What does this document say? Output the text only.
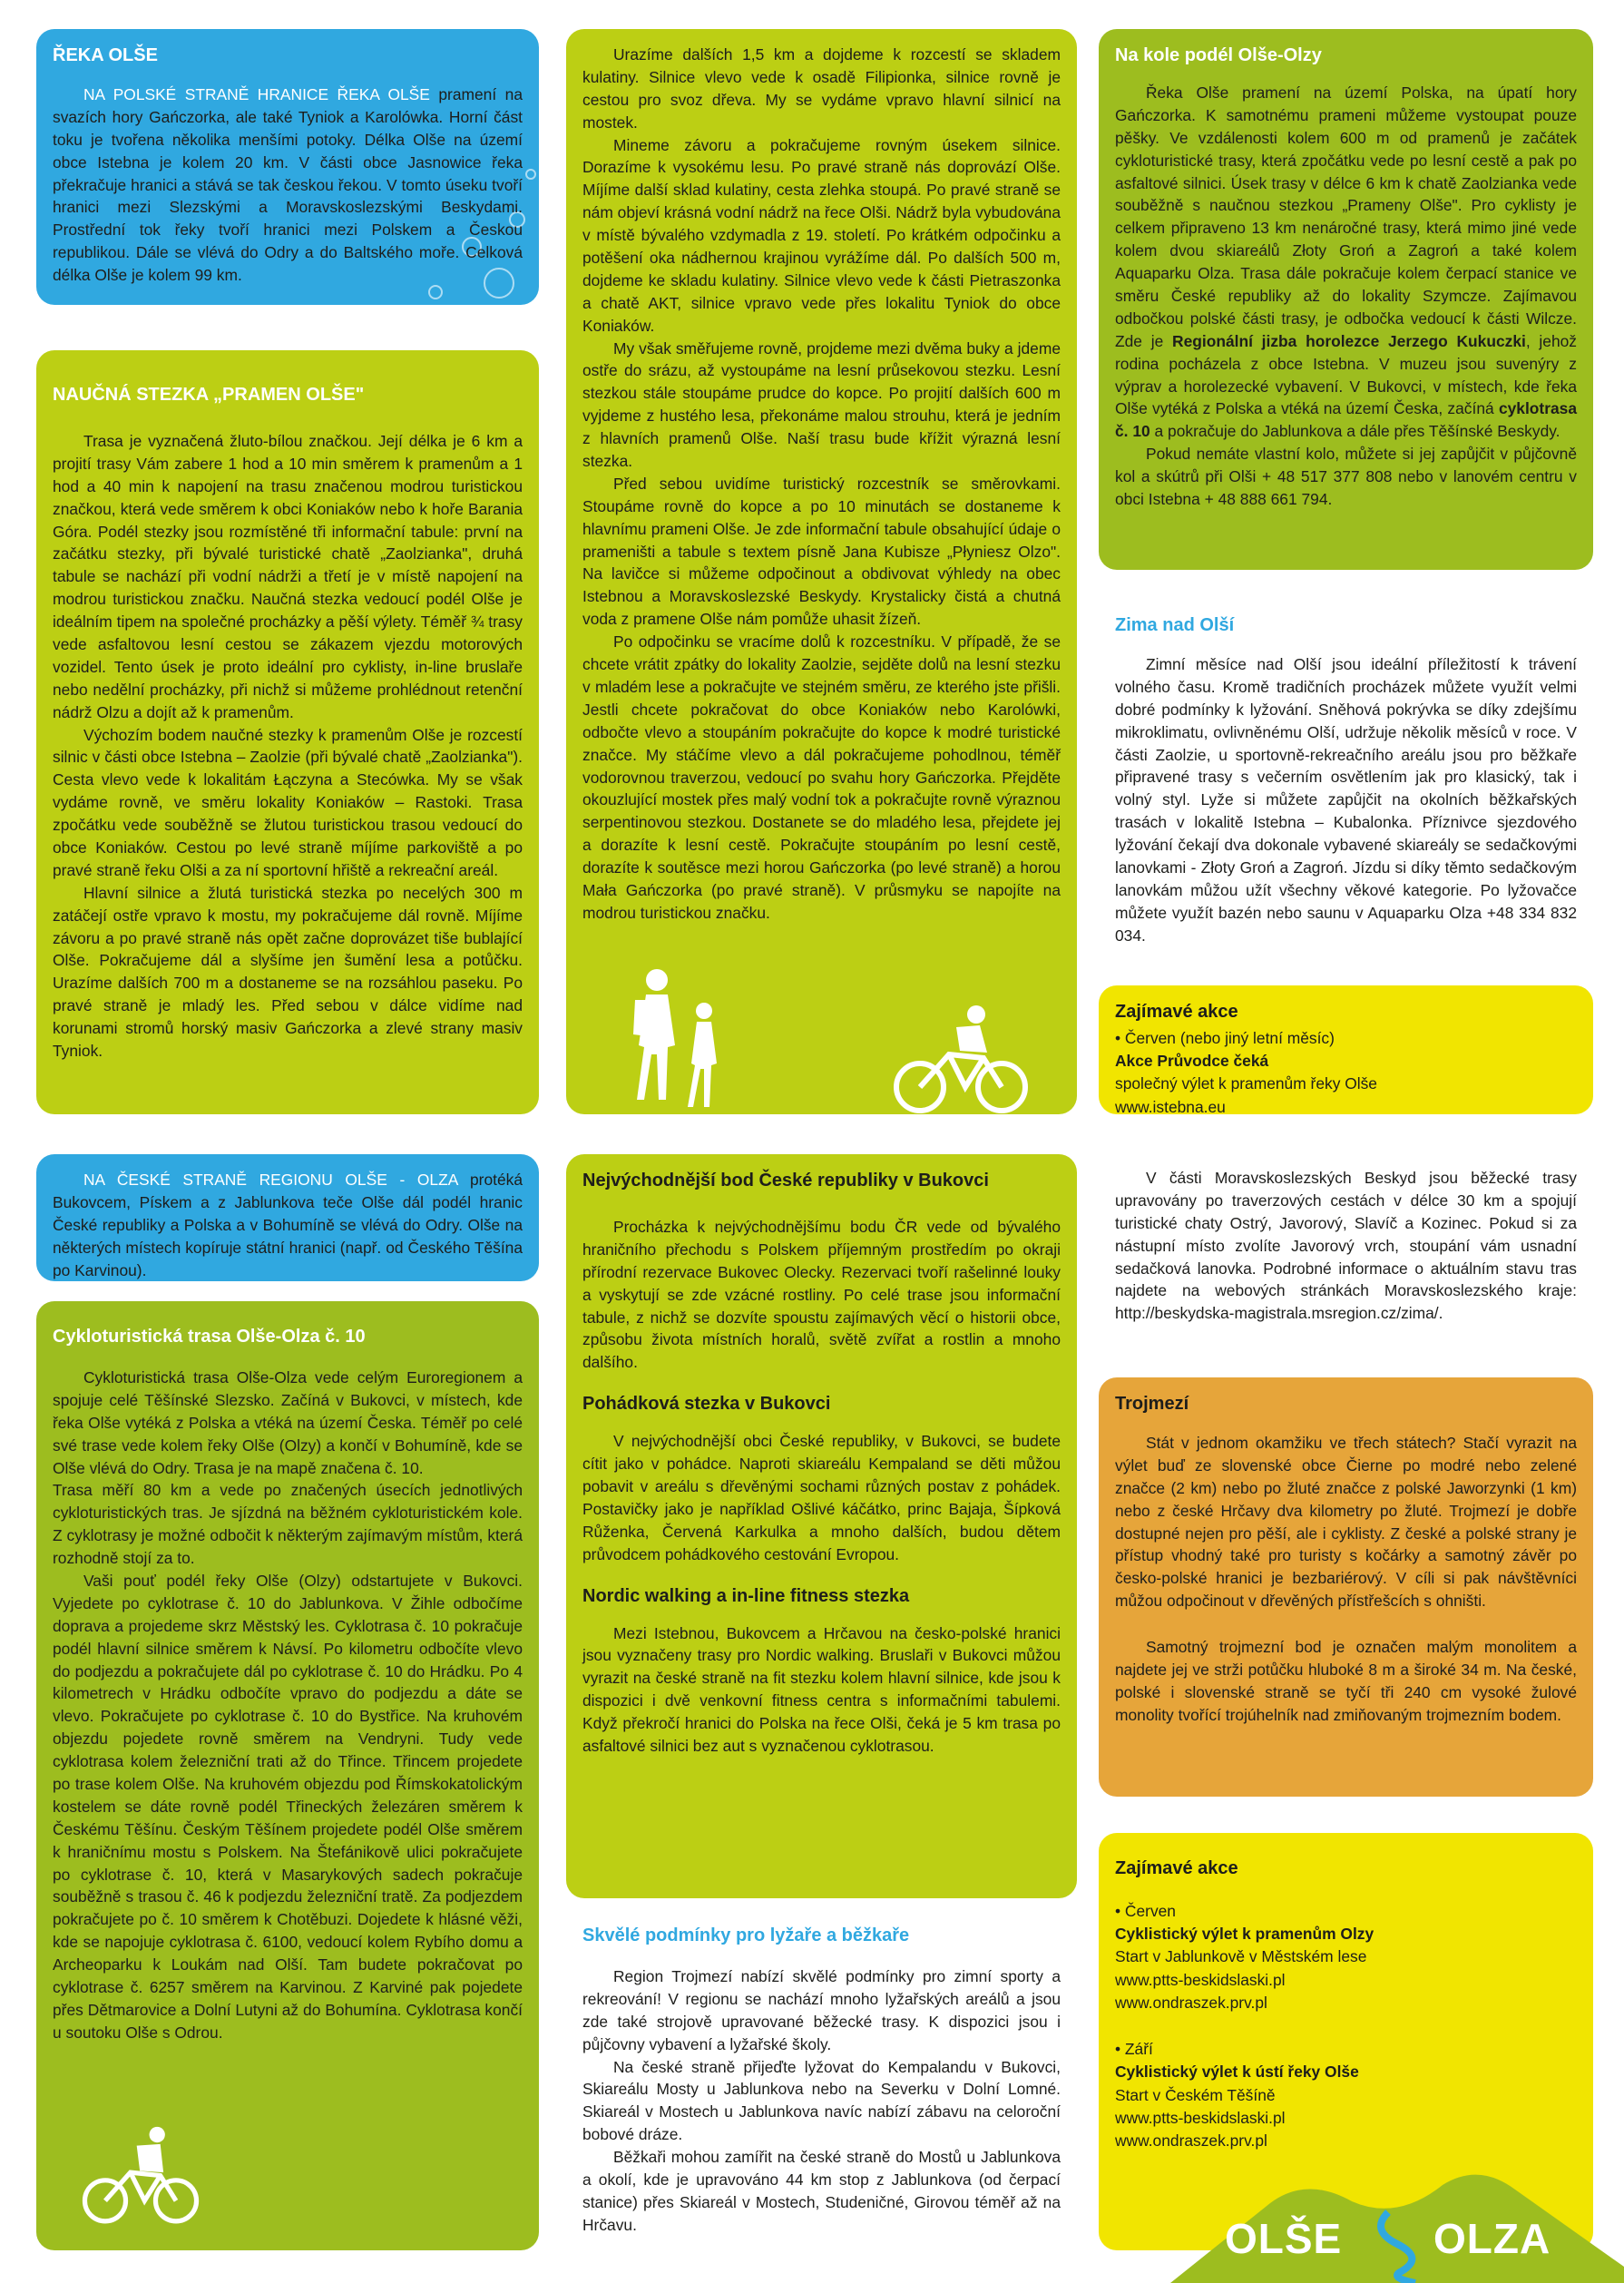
ŘEKA OLŠE

NA POLSKÉ STRANĚ HRANICE ŘEKA OLŠE pramení na svazích hory Gańczorka, ale také Tyniok a Karolówka. Horní část toku je tvořena několika menšími potoky. Délka Olše na území obce Istebna je kolem 20 km. V části obce Jasnowice řeka překračuje hranici a stává se tak českou řekou. V tomto úseku tvoří hranici mezi Slezskými a Moravskoslezskými Beskydami. Prostřední tok řeky tvoří hranici mezi Polskem a Českou republikou. Dále se vlévá do Odry a do Baltského moře. Celková délka Olše je kolem 99 km.

NAUČNÁ STEZKA „PRAMEN OLŠE"

Trasa je vyznačená žluto-bílou značkou. Její délka je 6 km a projití trasy Vám zabere 1 hod a 10 min směrem k pramenům a 1 hod a 40 min k napojení na trasu značenou modrou turistickou značkou, která vede směrem k obci Koniaków nebo k hoře Barania Góra. Podél stezky jsou rozmístěné tři informační tabule: první na začátku stezky, při bývalé turistické chatě „Zaolzianka", druhá tabule se nachází při vodní nádrži a třetí je v místě napojení na modrou turistickou značku. Naučná stezka vedoucí podél Olše je ideálním tipem na společné procházky a pěší výlety. Téměř ¾ trasy vede asfaltovou lesní cestou se zákazem vjezdu motorových vozidel. Tento úsek je proto ideální pro cyklisty, in-line bruslaře nebo nedělní procházky, při nichž si můžeme prohlédnout retenční nádrž Olzu a dojít až k pramenům.

Výchozím bodem naučné stezky k pramenům Olše je rozcestí silnic v části obce Istebna – Zaolzie (při bývalé chatě „Zaolzianka"). Cesta vlevo vede k lokalitám Łączyna a Stecówka. My se však vydáme rovně, ve směru lokality Koniaków – Rastoki. Trasa zpočátku vede souběžně se žlutou turistickou trasou vedoucí do obce Koniaków. Cestou po levé straně míjíme parkoviště a po pravé straně řeku Olši a za ní sportovní hřiště a rekreační areál.

Hlavní silnice a žlutá turistická stezka po necelých 300 m zatáčejí ostře vpravo k mostu, my pokračujeme dál rovně. Míjíme závoru a po pravé straně nás opět začne doprovázet tiše bublající Olše. Pokračujeme dál a slyšíme jen šumění lesa a potůčku. Urazíme dalších 700 m a dostaneme se na rozsáhlou paseku. Po pravé straně je mladý les. Před sebou v dálce vidíme nad korunami stromů horský masiv Gańczorka a zlevé strany masiv Tyniok.

Urazíme dalších 1,5 km a dojdeme k rozcestí se skladem kulatiny. Silnice vlevo vede k osadě Filipionka, silnice rovně je cestou pro svoz dřeva. My se vydáme vpravo hlavní silnicí na mostek.

Mineme závoru a pokračujeme rovným úsekem silnice. Dorazíme k vysokému lesu. Po pravé straně nás doprovází Olše. Míjíme další sklad kulatiny, cesta zlehka stoupá. Po pravé straně se nám objeví krásná vodní nádrž na řece Olši. Nádrž byla vybudována v místě bývalého vzdymadla z 19. století. Po krátkém odpočinku a potěšení oka nádhernou krajinou vyrážíme dál. Po dalších 500 m, dojdeme ke skladu kulatiny. Silnice vlevo vede k části Pietraszonka a chatě AKT, silnice vpravo vede přes lokalitu Tyniok do obce Koniaków.

My však směřujeme rovně, projdeme mezi dvěma buky a jdeme ostře do srázu, až vystoupáme na lesní průsekovou stezku. Lesní stezkou stále stoupáme prudce do kopce. Po projití dalších 600 m vyjdeme z hustého lesa, překonáme malou strouhu, která je jedním z hlavních pramenů Olše. Naší trasu bude křížit výrazná lesní stezka.

Před sebou uvidíme turistický rozcestník se směrovkami. Stoupáme rovně do kopce a po 10 minutách se dostaneme k hlavnímu prameni Olše. Je zde informační tabule obsahující údaje o prameništi a tabule s textem písně Jana Kubisze „Płyniesz Olzo". Na lavičce si můžeme odpočinout a obdivovat výhledy na obec Istebnou a Moravskoslezské Beskydy. Krystalicky čistá a chutná voda z pramene Olše nám pomůže uhasit žízeň.

Po odpočinku se vracíme dolů k rozcestníku. V případě, že se chcete vrátit zpátky do lokality Zaolzie, sejděte dolů na lesní stezku v mladém lese a pokračujte ve stejném směru, ze kterého jste přišli. Jestli chcete pokračovat do obce Koniaków nebo Karolówki, odbočte vlevo a stoupáním pokračujte do kopce k modré turistické značce. My stáčíme vlevo a dál pokračujeme pohodlnou, téměř vodorovnou traverzou, vedoucí po svahu hory Gańczorka. Přejděte okouzlující mostek přes malý vodní tok a pokračujte rovně výraznou serpentinovou stezkou. Dostanete se do mladého lesa, přejdete jej a dorazíte k lesní cestě. Pokračujte stoupáním po lesní cestě, dorazíte k soutěsce mezi horou Gańczorka (po levé straně) a horou Mała Gańczorka (po pravé straně). V průsmyku se napojíte na modrou turistickou značku.

Na kole podél Olše-Olzy

Řeka Olše pramení na území Polska, na úpatí hory Gańczorka. K samotnému prameni můžeme vystoupat pouze pěšky. Ve vzdálenosti kolem 600 m od pramenů je začátek cykloturistické trasy, která zpočátku vede po lesní cestě a pak po asfaltové silnici. Úsek trasy v délce 6 km k chatě Zaolzianka vede souběžně s naučnou stezkou „Prameny Olše". Pro cyklisty je celkem připraveno 13 km nenáročné trasy, která mimo jiné vede kolem dvou skiareálů Złoty Groń a Zagroń a také kolem Aquaparku Olza. Trasa dále pokračuje kolem čerpací stanice ve směru České republiky až do lokality Szymcze. Zajímavou odbočkou polské části trasy, je odbočka vedoucí k části Wilcze. Zde je Regionální jizba horolezce Jerzego Kukuczki, jehož rodina pocházela z obce Istebna. V muzeu jsou suvenýry z výprav a horolezecké vybavení. V Bukovci, v místech, kde řeka Olše vytéká z Polska a vtéká na území Česka, začíná cyklotrasa č. 10 a pokračuje do Jablunkova a dále přes Těšínské Beskydy.

Pokud nemáte vlastní kolo, můžete si jej zapůjčit v půjčovně kol a skútrů při Olši + 48 517 377 808 nebo v lanovém centru v obci Istebna + 48 888 661 794.

Zima nad Olší

Zimní měsíce nad Olší jsou ideální příležitostí k trávení volného času. Kromě tradičních procházek můžete využít velmi dobré podmínky k lyžování. Sněhová pokrývka se díky zdejšímu mikroklimatu, ovlivněnému Olší, udržuje několik měsíců v roce. V části Zaolzie, u sportovně-rekreačního areálu jsou pro běžkaře připravené trasy s večerním osvětlením jak pro klasický, tak i volný styl. Lyže si můžete zapůjčit na okolních běžkařských trasách v lokalitě Istebna – Kubalonka. Příznivce sjezdového lyžování čekají dva dokonale vybavené skiareály se sedačkovými lanovkami - Złoty Groń a Zagroń. Jízdu si díky těmto sedačkovým lanovkám můžou užít všechny věkové kategorie. Po lyžovačce můžete využít bazén nebo saunu v Aquaparku Olza +48 334 832 034.

Zajímavé akce
• Červen (nebo jiný letní měsíc)
Akce Průvodce čeká
společný výlet k pramenům řeky Olše
www.istebna.eu

NA ČESKÉ STRANĚ REGIONU OLŠE - OLZA protéká Bukovcem, Pískem a z Jablunkova teče Olše dál podél hranic České republiky a Polska a v Bohumíně se vlévá do Odry. Olše na některých místech kopíruje státní hranici (např. od Českého Těšína po Karvinou).

Cykloturistická trasa Olše-Olza č. 10

Cykloturistická trasa Olše-Olza vede celým Euroregionem a spojuje celé Těšínské Slezsko. Začíná v Bukovci, v místech, kde řeka Olše vytéká z Polska a vtéká na území Česka. Téměř po celé své trase vede kolem řeky Olše (Olzy) a končí v Bohumíně, kde se Olše vlévá do Odry. Trasa je na mapě značena č. 10.

Trasa měří 80 km a vede po značených úsecích jednotlivých cykloturistických tras. Je sjízdná na běžném cykloturistickém kole. Z cyklotrasy je možné odbočit k některým zajímavým místům, která rozhodně stojí za to.

Vaši pouť podél řeky Olše (Olzy) odstartujete v Bukovci. Vyjedete po cyklotrase č. 10 do Jablunkova. V Žihle odbočíme doprava a projedeme skrz Městský les. Cyklotrasa č. 10 pokračuje podél hlavní silnice směrem k Návsí. Po kilometru odbočíte vlevo do podjezdu a pokračujete dál po cyklotrase č. 10 do Hrádku. Po 4 kilometrech v Hrádku odbočíte vpravo do podjezdu a dáte se vlevo. Pokračujete po cyklotrase č. 10 do Bystřice. Na kruhovém objezdu pojedete rovně směrem na Vendryni. Tudy vede cyklotrasa kolem železniční trati až do Třince. Třincem projedete po trase kolem Olše. Na kruhovém objezdu pod Římskokatolickým kostelem se dáte rovně podél Třineckých železáren směrem k Českému Těšínu. Českým Těšínem projedete podél Olše směrem k hraničnímu mostu s Polskem. Na Štefánikově ulici pokračujete po cyklotrase č. 10, která v Masarykových sadech pokračuje souběžně s trasou č. 46 k podjezdu železniční tratě. Za podjezdem pokračujete po č. 10 směrem k Chotěbuzi. Dojedete k hlásné věži, kde se napojuje cyklotrasa č. 6100, vedoucí kolem Rybího domu a Archeoparku k Loukám nad Olší. Tam budete pokračovat po cyklotrase č. 6257 směrem na Karvinou. Z Karviné pak pojedete přes Dětmarovice a Dolní Lutyni až do Bohumína. Cyklotrasa končí u soutoku Olše s Odrou.

Nejvýchodnější bod České republiky v Bukovci

Procházka k nejvýchodnějšímu bodu ČR vede od bývalého hraničního přechodu s Polskem příjemným prostředím po okraji přírodní rezervace Bukovec Olecky. Rezervaci tvoří rašelinné louky a vyskytují se zde vzácné rostliny. Po celé trase jsou informační tabule, z nichž se dozvíte spoustu zajímavých věcí o historii obce, způsobu života místních horalů, světě zvířat a rostlin a mnoho dalšího.

Pohádková stezka v Bukovci

V nejvýchodnější obci České republiky, v Bukovci, se budete cítit jako v pohádce. Naproti skiareálu Kempaland se děti můžou pobavit v areálu s dřevěnými sochami různých postav z pohádek. Postavičky jako je například Ošlivé káčátko, princ Bajaja, Šípková Růženka, Červená Karkulka a mnoho dalších, budou dětem průvodcem pohádkového cestování Evropou.

Nordic walking a in-line fitness stezka

Mezi Istebnou, Bukovcem a Hrčavou na česko-polské hranici jsou vyznačeny trasy pro Nordic walking. Bruslaři v Bukovci můžou vyrazit na české straně na fit stezku kolem hlavní silnice, kde jsou k dispozici i dvě venkovní fitness centra s informačními tabulemi. Když překročí hranici do Polska na řece Olši, čeká je 5 km trasa po asfaltové silnici bez aut s vyznačenou cyklotrasou.

Skvělé podmínky pro lyžaře a běžkaře

Region Trojmezí nabízí skvělé podmínky pro zimní sporty a rekreování! V regionu se nachází mnoho lyžařských areálů a jsou zde také strojově upravované běžecké trasy. K dispozici jsou i půjčovny vybavení a lyžařské školy.

Na české straně přijeďte lyžovat do Kempalandu v Bukovci, Skiareálu Mosty u Jablunkova nebo na Severku v Dolní Lomné. Skiareál v Mostech u Jablunkova navíc nabízí zábavu na celoroční bobové dráze.

Běžkaři mohou zamířit na české straně do Mostů u Jablunkova a okolí, kde je upravováno 44 km stop z Jablunkova (od čerpací stanice) přes Skiareál v Mostech, Studeničné, Girovou téměř až na Hrčavu.

V části Moravskoslezských Beskyd jsou běžecké trasy upravovány po traverzových cestách v délce 30 km a spojují turistické chaty Ostrý, Javorový, Slavíč a Kozinec. Pokud si za nástupní místo zvolíte Javorový vrch, stoupání vám usnadní sedačková lanovka. Podrobné informace o aktuálním stavu tras najdete na webových stránkách Moravskoslezského kraje: http://beskydska-magistrala.msregion.cz/zima/.

Trojmezí

Stát v jednom okamžiku ve třech státech? Stačí vyrazit na výlet buď ze slovenské obce Čierne po modré nebo zelené značce (2 km) nebo po žluté značce z polské Jaworzynki (1 km) nebo z české Hrčavy dva kilometry po žluté. Trojmezí je dobře dostupné nejen pro pěší, ale i cyklisty. Z české a polské strany je přístup vhodný také pro turisty s kočárky a samotný závěr po česko-polské hranici je bezbariérový. V cíli si pak návštěvníci můžou odpočinout v dřevěných přístřešcích s ohništi.

Samotný trojmezní bod je označen malým monolitem a najdete jej ve strži potůčku hluboké 8 m a široké 34 m. Na české, polské i slovenské straně se tyčí tři 240 cm vysoké žulové monolity tvořící trojúhelník nad zmiňovaným trojmezním bodem.

Zajímavé akce
• Červen
Cyklistický výlet k pramenům Olzy
Start v Jablunkově v Městském lese
www.ptts-beskidslaski.pl
www.ondraszek.prv.pl
• Září
Cyklistický výlet k ústí řeky Olše
Start v Českém Těšíně
www.ptts-beskidslaski.pl
www.ondraszek.prv.pl
OLŠE OLZA
